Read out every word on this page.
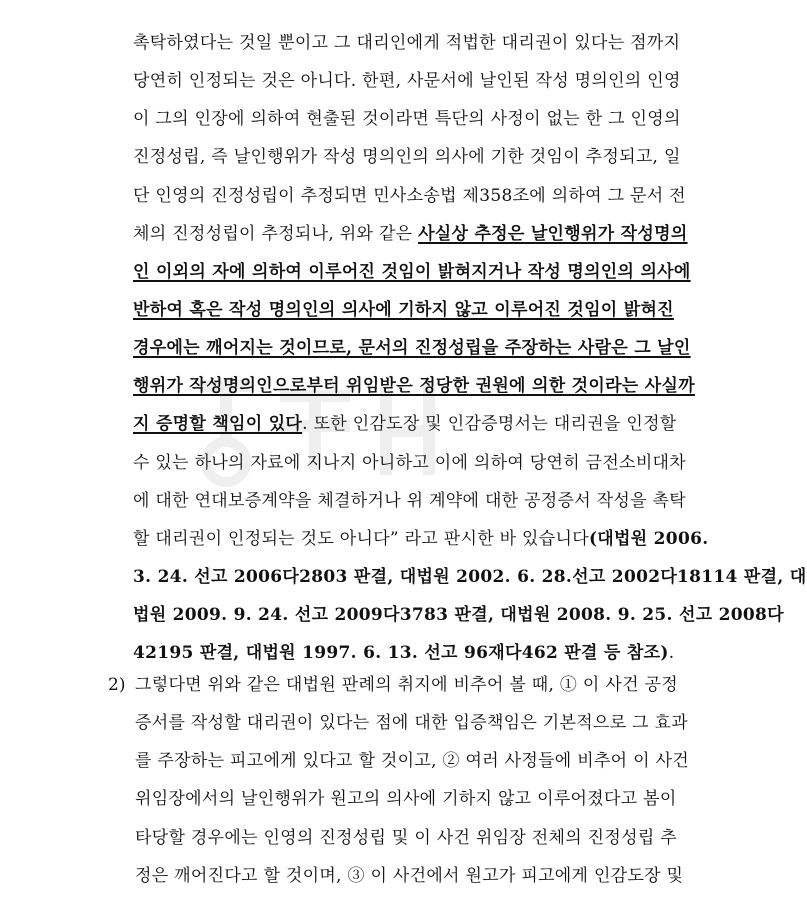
촉탁하였다는 것일 뿐이고 그 대리인에게 적법한 대리권이 있다는 점까지
당연히 인정되는 것은 아니다. 한편, 사문서에 날인된 작성 명의인의 인영
이 그의 인장에 의하여 현출된 것이라면 특단의 사정이 없는 한 그 인영의
진정성립, 즉 날인행위가 작성 명의인의 의사에 기한 것임이 추정되고, 일
단 인영의 진정성립이 추정되면 민사소송법 제358조에 의하여 그 문서 전
체의 진정성립이 추정되나, 위와 같은 사실상 추정은 날인행위가 작성명의
인 이외의 자에 의하여 이루어진 것임이 밝혀지거나 작성 명의인의 의사에
반하여 혹은 작성 명의인의 의사에 기하지 않고 이루어진 것임이 밝혀진
경우에는 깨어지는 것이므로, 문서의 진정성립을 주장하는 사람은 그 날인
행위가 작성명의인으로부터 위임받은 정당한 권원에 의한 것이라는 사실까
지 증명할 책임이 있다. 또한 인감도장 및 인감증명서는 대리권을 인정할
수 있는 하나의 자료에 지나지 아니하고 이에 의하여 당연히 금전소비대차
에 대한 연대보증계약을 체결하거나 위 계약에 대한 공정증서 작성을 촉탁
할 대리권이 인정되는 것도 아니다” 라고 판시한 바 있습니다(대법원 2006.
3. 24. 선고 2006다2803 판결, 대법원 2002. 6. 28.선고 2002다18114 판결, 대
법원 2009. 9. 24. 선고 2009다3783 판결, 대법원 2008. 9. 25. 선고 2008다
42195 판결, 대법원 1997. 6. 13. 선고 96재다462 판결 등 참조).
2) 그렇다면 위와 같은 대법원 판례의 취지에 비추어 볼 때, ① 이 사건 공정
증서를 작성할 대리권이 있다는 점에 대한 입증책임은 기본적으로 그 효과
를 주장하는 피고에게 있다고 할 것이고, ② 여러 사정들에 비추어 이 사건
위임장에서의 날인행위가 원고의 의사에 기하지 않고 이루어졌다고 봄이
타당할 경우에는 인영의 진정성립 및 이 사건 위임장 전체의 진정성립 추
정은 깨어진다고 할 것이며, ③ 이 사건에서 원고가 피고에게 인감도장 및
